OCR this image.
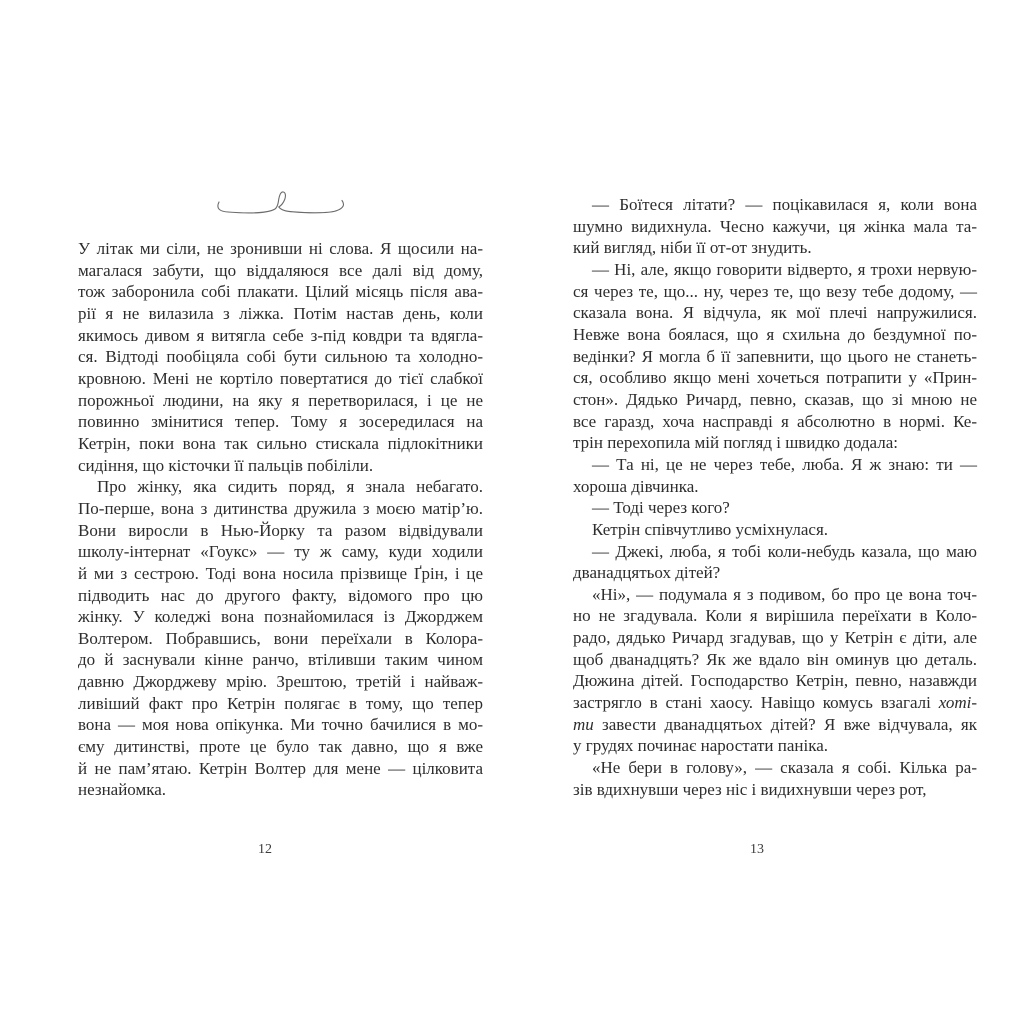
У літак ми сіли, не зронивши ні слова. Я щосили на-
магалася забути, що віддаляюся все далі від дому,
тож заборонила собі плакати. Цілий місяць після ава-
рії я не вилазила з ліжка. Потім настав день, коли
якимось дивом я витягла себе з-під ковдри та вдягла-
ся. Відтоді пообіцяла собі бути сильною та холодно-
кровною. Мені не кортіло повертатися до тієї слабкої
порожньої людини, на яку я перетворилася, і це не
повинно змінитися тепер. Тому я зосередилася на
Кетрін, поки вона так сильно стискала підлокітники
сидіння, що кісточки її пальців побіліли.
Про жінку, яка сидить поряд, я знала небагато.
По-перше, вона з дитинства дружила з моєю матір’ю.
Вони виросли в Нью-Йорку та разом відвідували
школу-інтернат «Гоукс» — ту ж саму, куди ходили
й ми з сестрою. Тоді вона носила прізвище Ґрін, і це
підводить нас до другого факту, відомого про цю
жінку. У коледжі вона познайомилася із Джорджем
Волтером. Побравшись, вони переїхали в Колора-
до й заснували кінне ранчо, втіливши таким чином
давню Джорджеву мрію. Зрештою, третій і найваж-
ливіший факт про Кетрін полягає в тому, що тепер
вона — моя нова опікунка. Ми точно бачилися в мо-
єму дитинстві, проте це було так давно, що я вже
й не пам’ятаю. Кетрін Волтер для мене — цілковита
незнайомка.
— Боїтеся літати? — поцікавилася я, коли вона
шумно видихнула. Чесно кажучи, ця жінка мала та-
кий вигляд, ніби її от-от знудить.
— Ні, але, якщо говорити відверто, я трохи нервую-
ся через те, що... ну, через те, що везу тебе додому, —
сказала вона. Я відчула, як мої плечі напружилися.
Невже вона боялася, що я схильна до бездумної по-
ведінки? Я могла б її запевнити, що цього не станеть-
ся, особливо якщо мені хочеться потрапити у «Прин-
стон». Дядько Ричард, певно, сказав, що зі мною не
все гаразд, хоча насправді я абсолютно в нормі. Ке-
трін перехопила мій погляд і швидко додала:
— Та ні, це не через тебе, люба. Я ж знаю: ти —
хороша дівчинка.
— Тоді через кого?
Кетрін співчутливо усміхнулася.
— Джекі, люба, я тобі коли-небудь казала, що маю
дванадцятьох дітей?
«Ні», — подумала я з подивом, бо про це вона точ-
но не згадувала. Коли я вирішила переїхати в Коло-
радо, дядько Ричард згадував, що у Кетрін є діти, але
щоб дванадцять? Як же вдало він оминув цю деталь.
Дюжина дітей. Господарство Кетрін, певно, назавжди
застрягло в стані хаосу. Навіщо комусь взагалі хоті-
ти завести дванадцятьох дітей? Я вже відчувала, як
у грудях починає наростати паніка.
«Не бери в голову», — сказала я собі. Кілька ра-
зів вдихнувши через ніс і видихнувши через рот,
12	13
